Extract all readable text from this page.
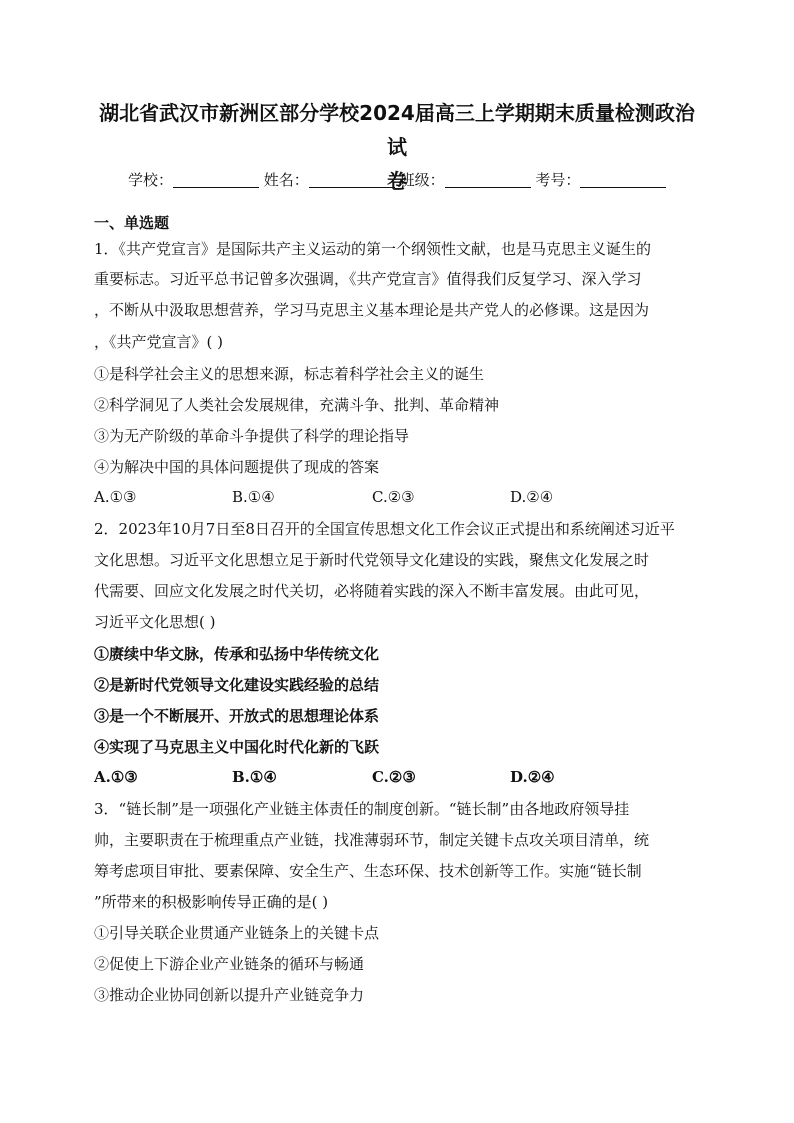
湖北省武汉市新洲区部分学校2024届高三上学期期末质量检测政治试
卷
学校：	姓名：	班级：	考号：
一、单选题
1．《共产党宣言》是国际共产主义运动的第一个纲领性文献，也是马克思主义诞生的
重要标志。习近平总书记曾多次强调，《共产党宣言》值得我们反复学习、深入学习
，不断从中汲取思想营养，学习马克思主义基本理论是共产党人的必修课。这是因为
，《共产党宣言》( )
①是科学社会主义的思想来源，标志着科学社会主义的诞生
②科学洞见了人类社会发展规律，充满斗争、批判、革命精神
③为无产阶级的革命斗争提供了科学的理论指导
④为解决中国的具体问题提供了现成的答案
A.①③	B.①④	C.②③	D.②④
2．2023年10月7日至8日召开的全国宣传思想文化工作会议正式提出和系统阐述习近平
文化思想。习近平文化思想立足于新时代党领导文化建设的实践，聚焦文化发展之时
代需要、回应文化发展之时代关切，必将随着实践的深入不断丰富发展。由此可见，
习近平文化思想( )
①赓续中华文脉，传承和弘扬中华传统文化
②是新时代党领导文化建设实践经验的总结
③是一个不断展开、开放式的思想理论体系
④实现了马克思主义中国化时代化新的飞跃
A.①③	B.①④	C.②③	D.②④
3．“链长制”是一项强化产业链主体责任的制度创新。“链长制”由各地政府领导挂
帅，主要职责在于梳理重点产业链，找准薄弱环节，制定关键卡点攻关项目清单，统
筹考虑项目审批、要素保障、安全生产、生态环保、技术创新等工作。实施“链长制
”所带来的积极影响传导正确的是( )
①引导关联企业贯通产业链条上的关键卡点
②促使上下游企业产业链条的循环与畅通
③推动企业协同创新以提升产业链竞争力
